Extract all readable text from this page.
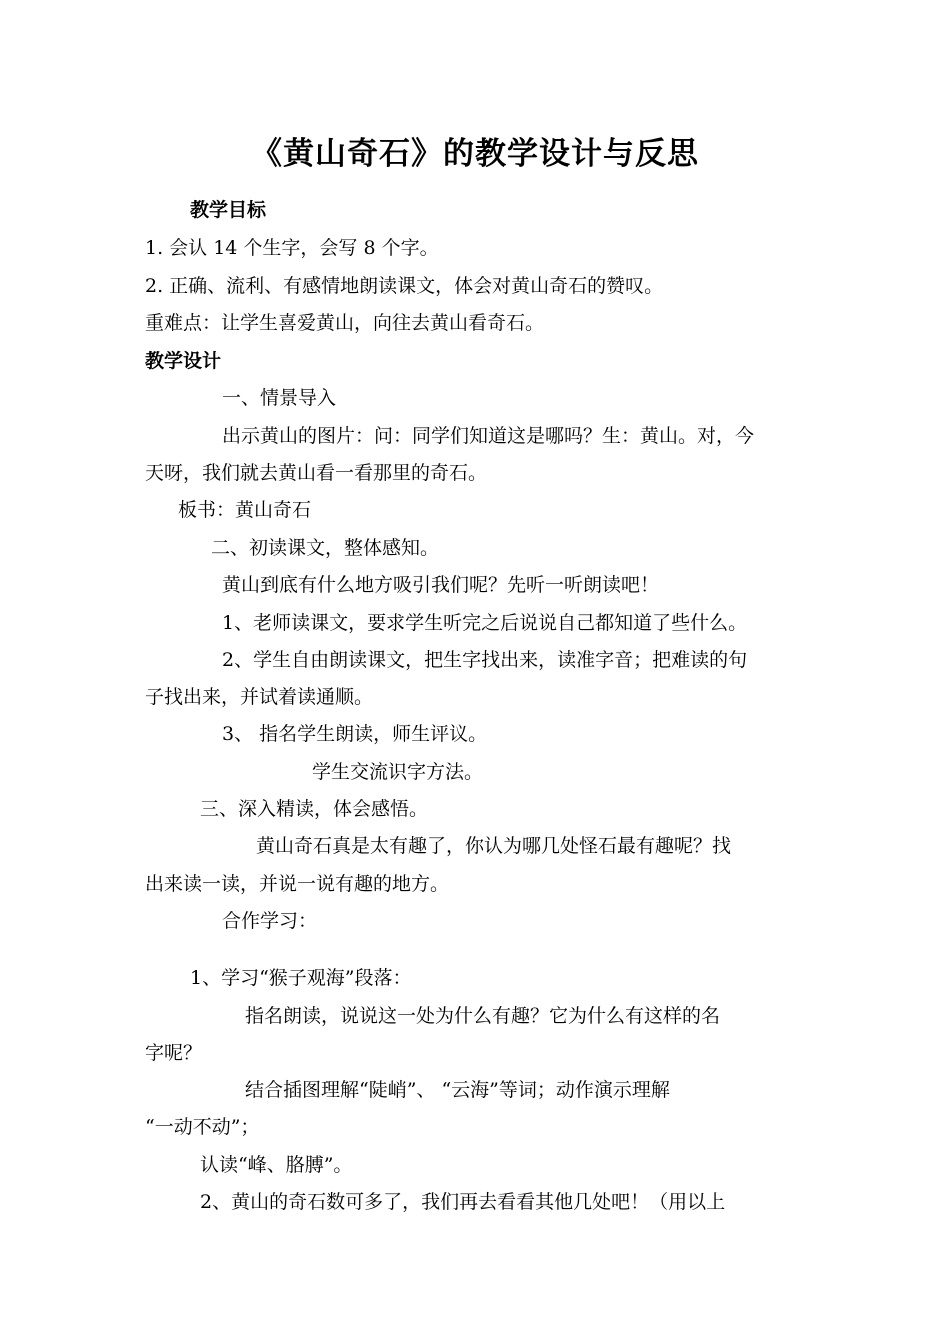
《黄山奇石》的教学设计与反思
教学目标
1. 会认 14 个生字，会写 8 个字。
2. 正确、流利、有感情地朗读课文，体会对黄山奇石的赞叹。
重难点：让学生喜爱黄山，向往去黄山看奇石。
教学设计
一、情景导入
出示黄山的图片：问：同学们知道这是哪吗？生：黄山。对，今
天呀，我们就去黄山看一看那里的奇石。
板书：黄山奇石
二、初读课文，整体感知。
黄山到底有什么地方吸引我们呢？先听一听朗读吧！
1、老师读课文，要求学生听完之后说说自己都知道了些什么。
2、学生自由朗读课文，把生字找出来，读准字音；把难读的句
子找出来，并试着读通顺。
3、 指名学生朗读，师生评议。
学生交流识字方法。
三、深入精读，体会感悟。
黄山奇石真是太有趣了，你认为哪几处怪石最有趣呢？找
出来读一读，并说一说有趣的地方。
合作学习：
1、学习“猴子观海”段落：
指名朗读，说说这一处为什么有趣？它为什么有这样的名
字呢？
结合插图理解“陡峭”、 “云海”等词；动作演示理解
“一动不动”；
认读“峰、胳膊”。
2、黄山的奇石数可多了，我们再去看看其他几处吧！（用以上
